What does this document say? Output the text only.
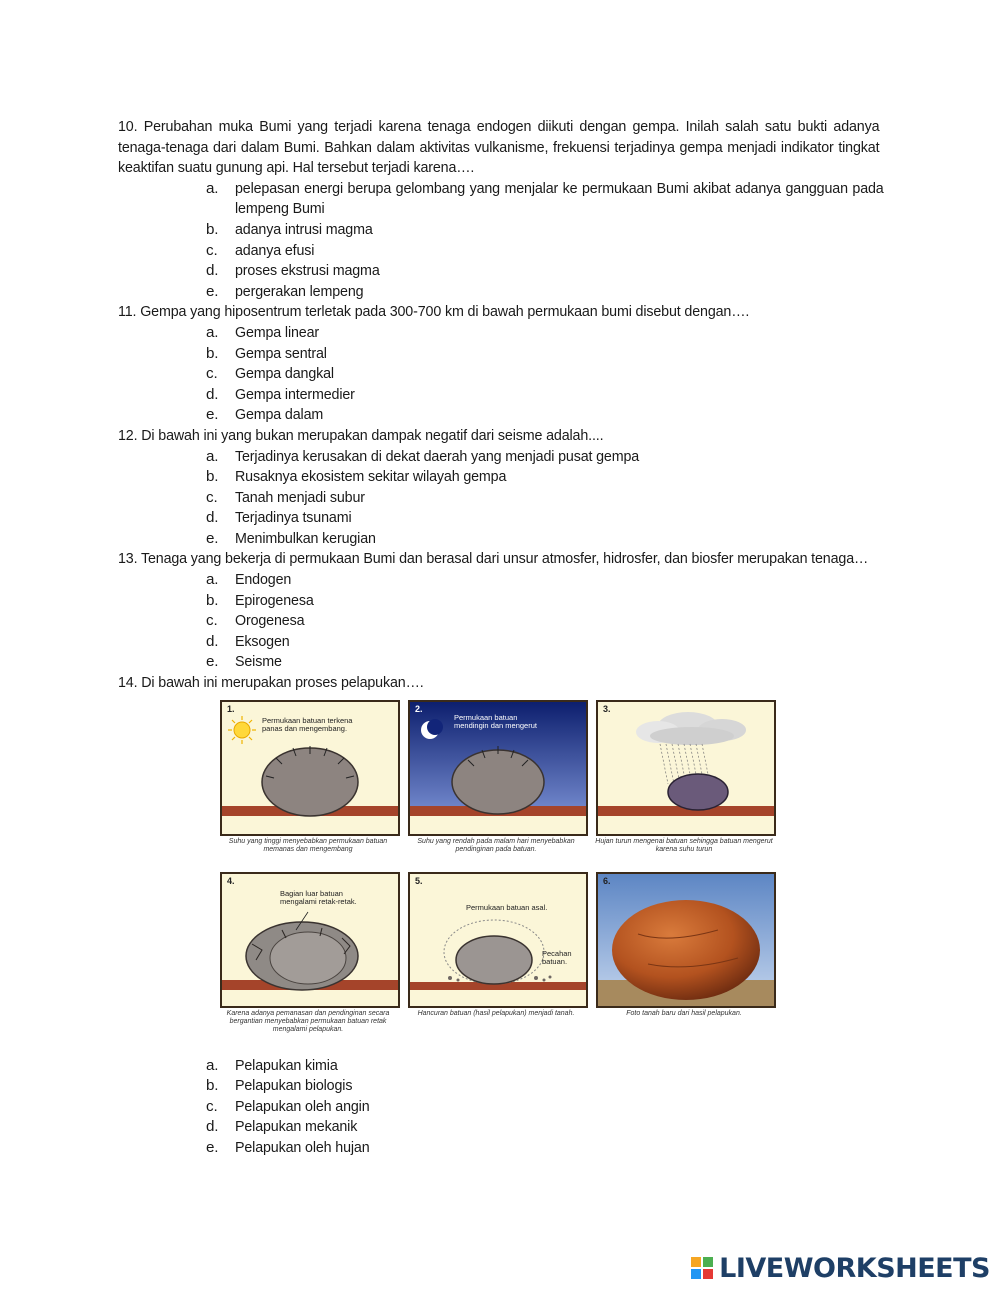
10. Perubahan muka Bumi yang terjadi karena tenaga endogen diikuti dengan gempa. Inilah salah satu bukti adanya tenaga-tenaga dari dalam Bumi. Bahkan dalam aktivitas vulkanisme, frekuensi terjadinya gempa menjadi indikator tingkat keaktifan suatu gunung api. Hal tersebut terjadi karena….

a. pelepasan energi berupa gelombang yang menjalar ke permukaan Bumi akibat adanya gangguan pada lempeng Bumi
b. adanya intrusi magma
c. adanya efusi
d. proses ekstrusi magma
e. pergerakan lempeng

11. Gempa yang hiposentrum terletak pada 300-700 km di bawah permukaan bumi disebut dengan….

a. Gempa linear
b. Gempa sentral
c. Gempa dangkal
d. Gempa intermedier
e. Gempa dalam

12. Di bawah ini yang bukan merupakan dampak negatif dari seisme adalah....

a. Terjadinya kerusakan di dekat daerah yang menjadi pusat gempa
b. Rusaknya ekosistem sekitar wilayah gempa
c. Tanah menjadi subur
d. Terjadinya tsunami
e. Menimbulkan kerugian

13. Tenaga yang bekerja di permukaan Bumi dan berasal dari unsur atmosfer, hidrosfer, dan biosfer merupakan tenaga…

a. Endogen
b. Epirogenesa
c. Orogenesa
d. Eksogen
e. Seisme

14. Di bawah ini merupakan proses pelapukan….

1.
Permukaan batuan terkena panas dan mengembang.
2.
Permukaan batuan mendingin dan mengerut
3.
Suhu yang tinggi menyebabkan permukaan batuan memanas dan mengembang
Suhu yang rendah pada malam hari menyebabkan pendinginan pada batuan.
Hujan turun mengenai batuan sehingga batuan mengerut karena suhu turun
4.
Bagian luar batuan mengalami retak-retak.
5.
Permukaan batuan asal.
Pecahan batuan.
6.
Karena adanya pemanasan dan pendinginan secara bergantian menyebabkan permukaan batuan retak mengalami pelapukan.
Hancuran batuan (hasil pelapukan) menjadi tanah.	Foto tanah baru dari hasil pelapukan.
a. Pelapukan kimia
b. Pelapukan biologis
c. Pelapukan oleh angin
d. Pelapukan mekanik
e. Pelapukan oleh hujan
LIVEWORKSHEETS
